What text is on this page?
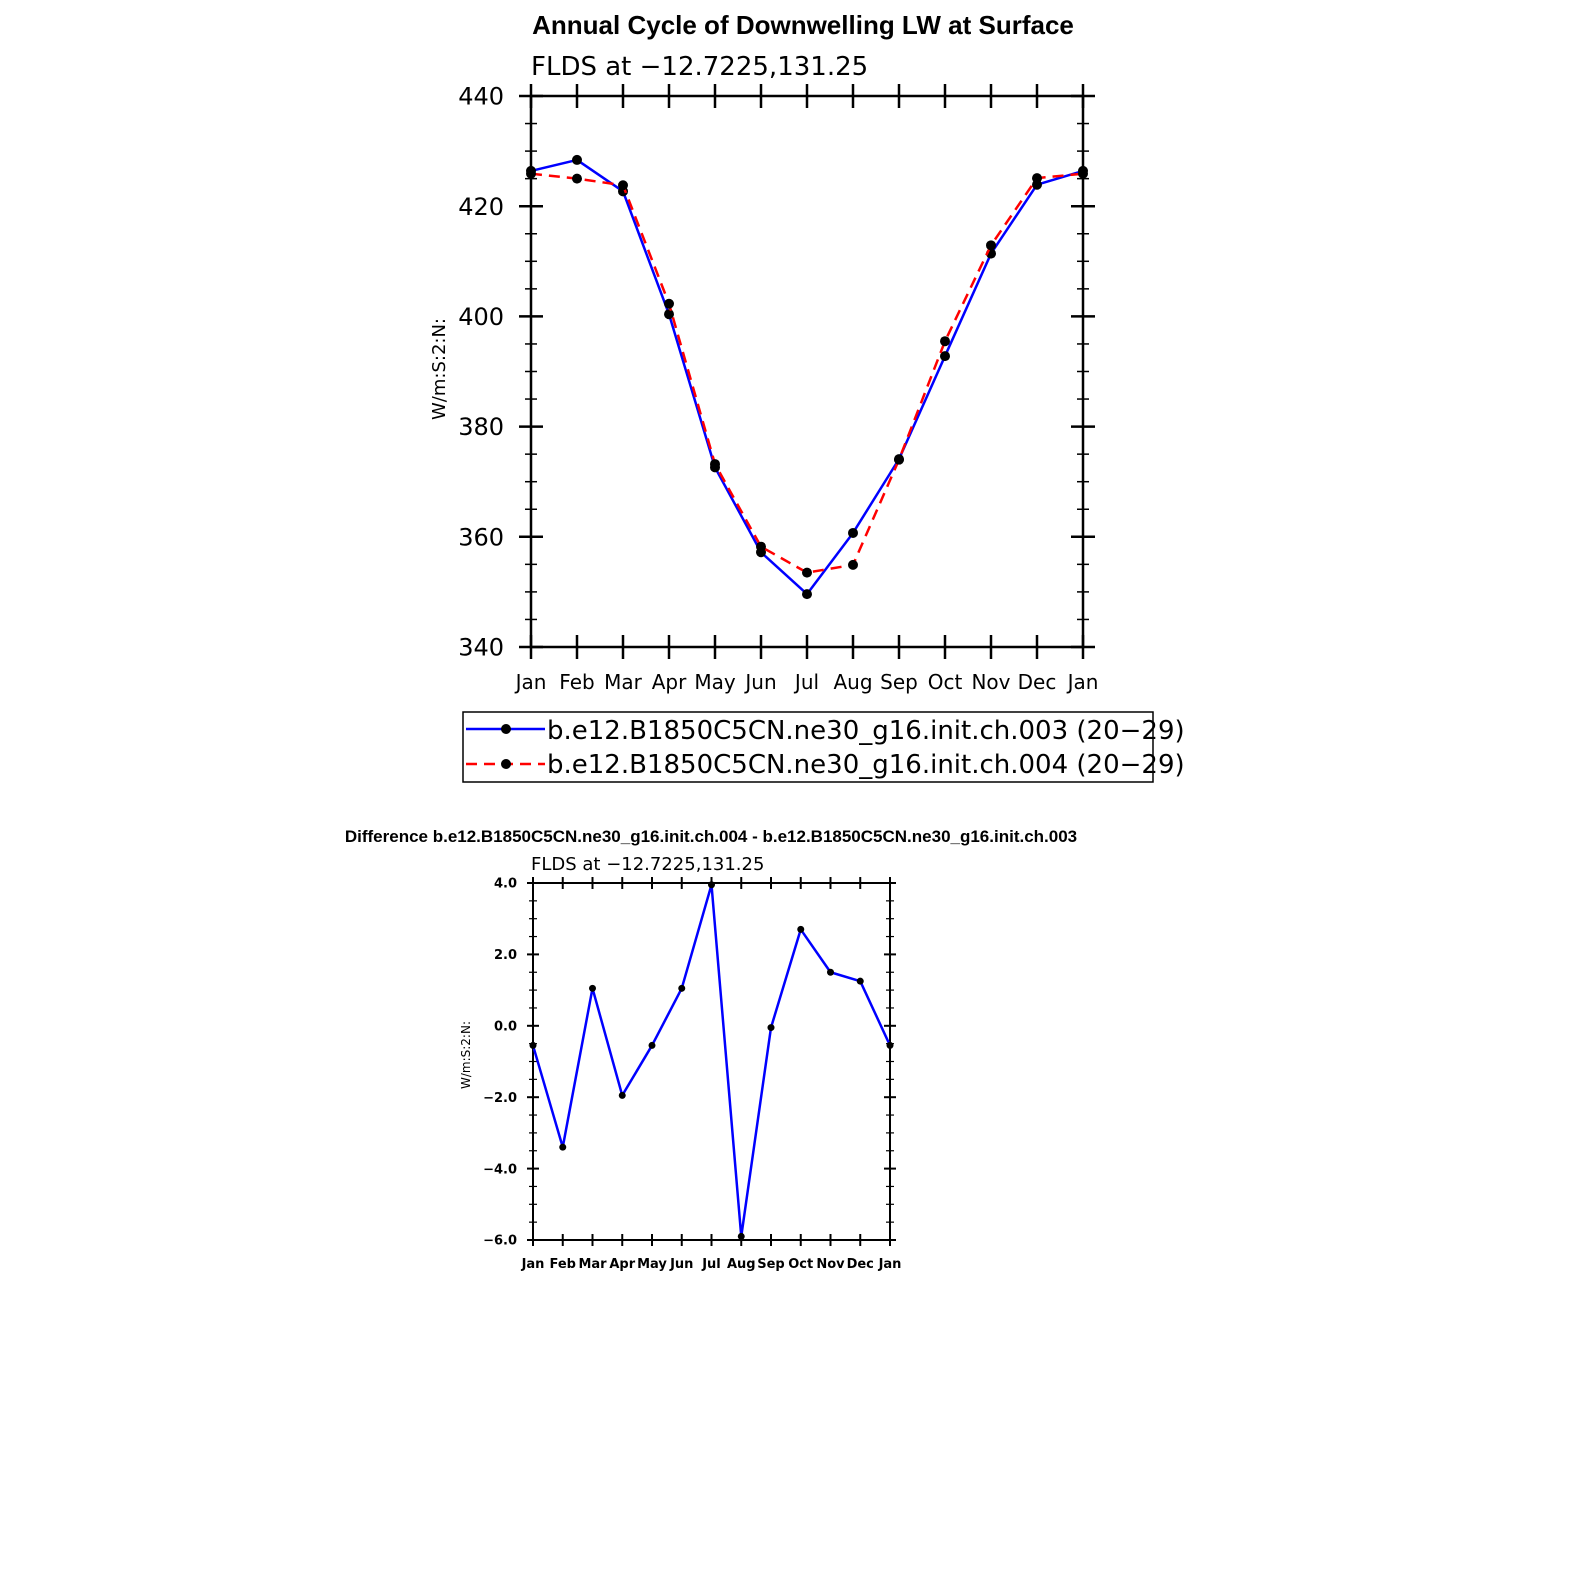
Annual Cycle of Downwelling LW at Surface
FLDS at −12.7225,131.25
W/m:S:2:N:
Jan Feb Mar Apr May Jun Jul Aug Sep Oct Nov Dec Jan
340
360
380
400
420
440
b.e12.B1850C5CN.ne30_g16.init.ch.003 (20−29)
b.e12.B1850C5CN.ne30_g16.init.ch.004 (20−29)
Difference b.e12.B1850C5CN.ne30_g16.init.ch.004 - b.e12.B1850C5CN.ne30_g16.init.ch.003
FLDS at −12.7225,131.25
W/m:S:2:N:
Jan Feb Mar Apr May Jun Jul Aug Sep Oct Nov Dec Jan
−6.0
−4.0
−2.0
0.0
2.0
4.0
